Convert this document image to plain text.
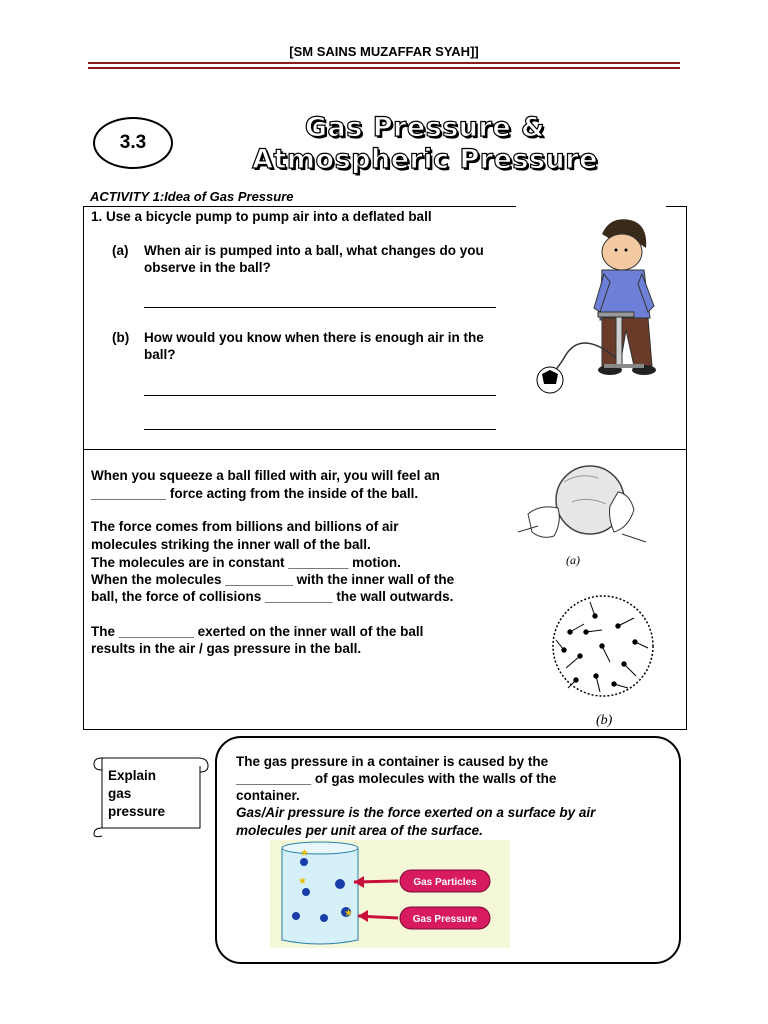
[SM SAINS MUZAFFAR SYAH]]
3.3	Gas Pressure &
Atmospheric Pressure
ACTIVITY 1:Idea of Gas Pressure
1. Use a bicycle pump to pump air into a deflated ball
(a) When air is pumped into a ball, what changes do you observe in the ball?
(b) How would you know when there is enough air in the ball?
When you squeeze a ball filled with air, you will feel an
__________ force acting from the inside of the ball.
The force comes from billions and billions of air
molecules striking the inner wall of the ball.
The molecules are in constant ________ motion.
When the molecules _________ with the inner wall of the
ball, the force of collisions _________ the wall outwards.
The __________ exerted on the inner wall of the ball
results in the air / gas pressure in the ball.
(a)
(b)
Explain
gas
pressure
The gas pressure in a container is caused by the
__________ of gas molecules with the walls of the
container.
Gas/Air pressure is the force exerted on a surface by air
molecules per unit area of the surface.
★
★
★	Gas Particles
Gas Pressure
